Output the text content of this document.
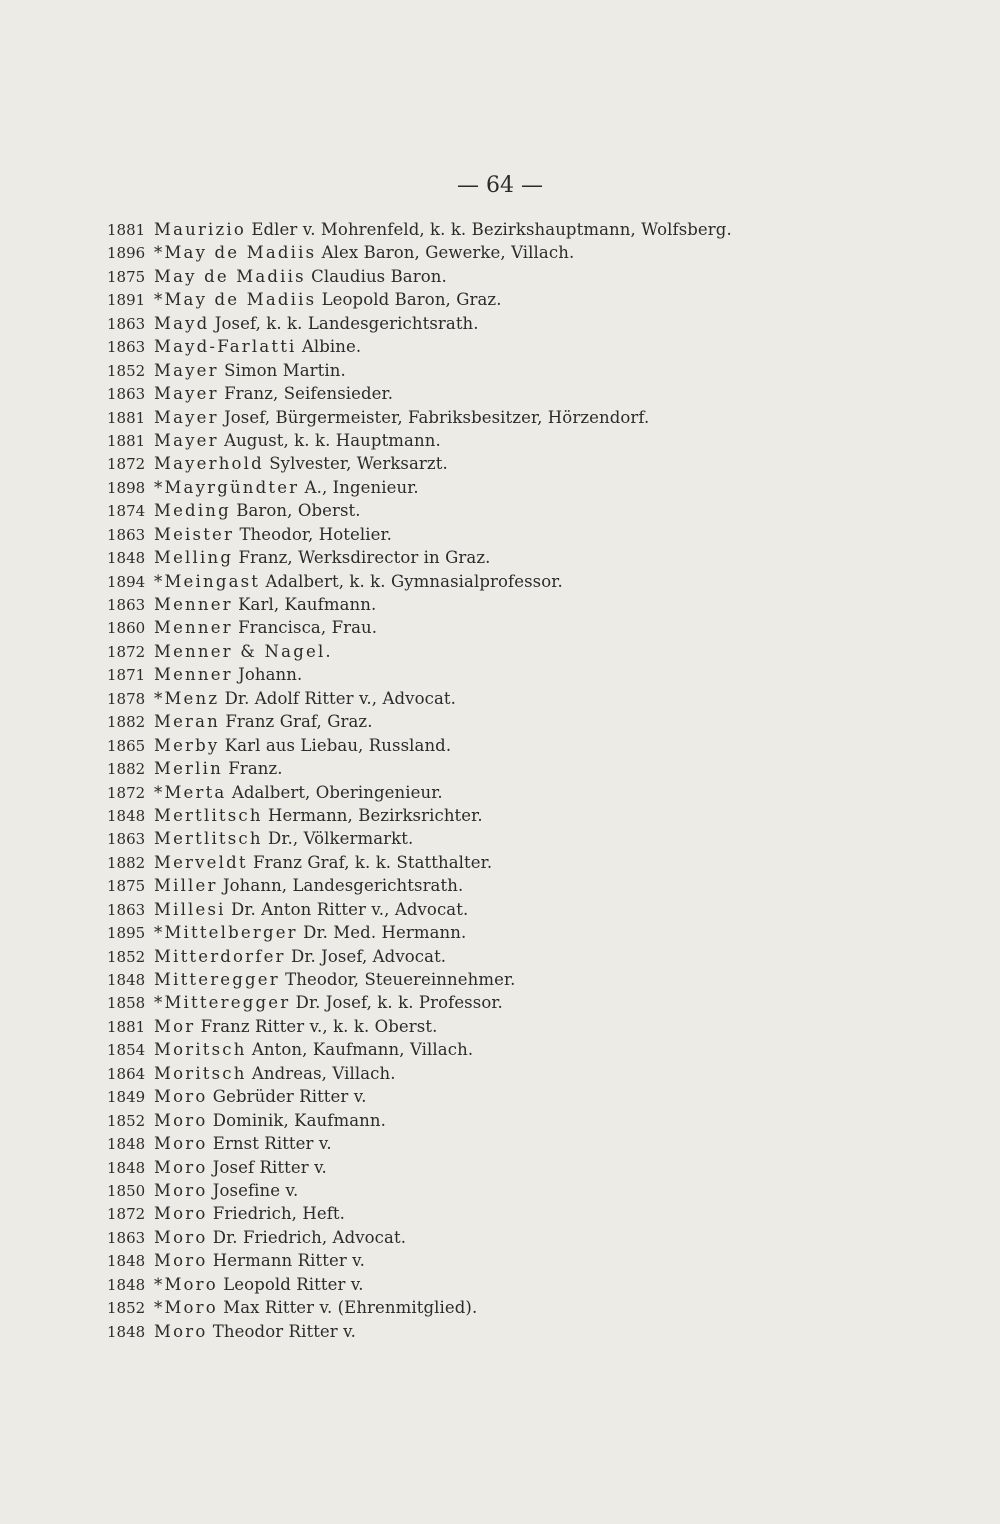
— 64 —
1881 Maurizio Edler v. Mohrenfeld, k. k. Bezirkshauptmann, Wolfsberg.
1896 *May de Madiis Alex Baron, Gewerke, Villach.
1875 May de Madiis Claudius Baron.
1891 *May de Madiis Leopold Baron, Graz.
1863 Mayd Josef, k. k. Landesgerichtsrath.
1863 Mayd-Farlatti Albine.
1852 Mayer Simon Martin.
1863 Mayer Franz, Seifensieder.
1881 Mayer Josef, Bürgermeister, Fabriksbesitzer, Hörzendorf.
1881 Mayer August, k. k. Hauptmann.
1872 Mayerhold Sylvester, Werksarzt.
1898 *Mayrgündter A., Ingenieur.
1874 Meding Baron, Oberst.
1863 Meister Theodor, Hotelier.
1848 Melling Franz, Werksdirector in Graz.
1894 *Meingast Adalbert, k. k. Gymnasialprofessor.
1863 Menner Karl, Kaufmann.
1860 Menner Francisca, Frau.
1872 Menner & Nagel.
1871 Menner Johann.
1878 *Menz Dr. Adolf Ritter v., Advocat.
1882 Meran Franz Graf, Graz.
1865 Merby Karl aus Liebau, Russland.
1882 Merlin Franz.
1872 *Merta Adalbert, Oberingenieur.
1848 Mertlitsch Hermann, Bezirksrichter.
1863 Mertlitsch Dr., Völkermarkt.
1882 Merveldt Franz Graf, k. k. Statthalter.
1875 Miller Johann, Landesgerichtsrath.
1863 Millesi Dr. Anton Ritter v., Advocat.
1895 *Mittelberger Dr. Med. Hermann.
1852 Mitterdorfer Dr. Josef, Advocat.
1848 Mitteregger Theodor, Steuereinnehmer.
1858 *Mitteregger Dr. Josef, k. k. Professor.
1881 Mor Franz Ritter v., k. k. Oberst.
1854 Moritsch Anton, Kaufmann, Villach.
1864 Moritsch Andreas, Villach.
1849 Moro Gebrüder Ritter v.
1852 Moro Dominik, Kaufmann.
1848 Moro Ernst Ritter v.
1848 Moro Josef Ritter v.
1850 Moro Josefine v.
1872 Moro Friedrich, Heft.
1863 Moro Dr. Friedrich, Advocat.
1848 Moro Hermann Ritter v.
1848 *Moro Leopold Ritter v.
1852 *Moro Max Ritter v. (Ehrenmitglied).
1848 Moro Theodor Ritter v.
